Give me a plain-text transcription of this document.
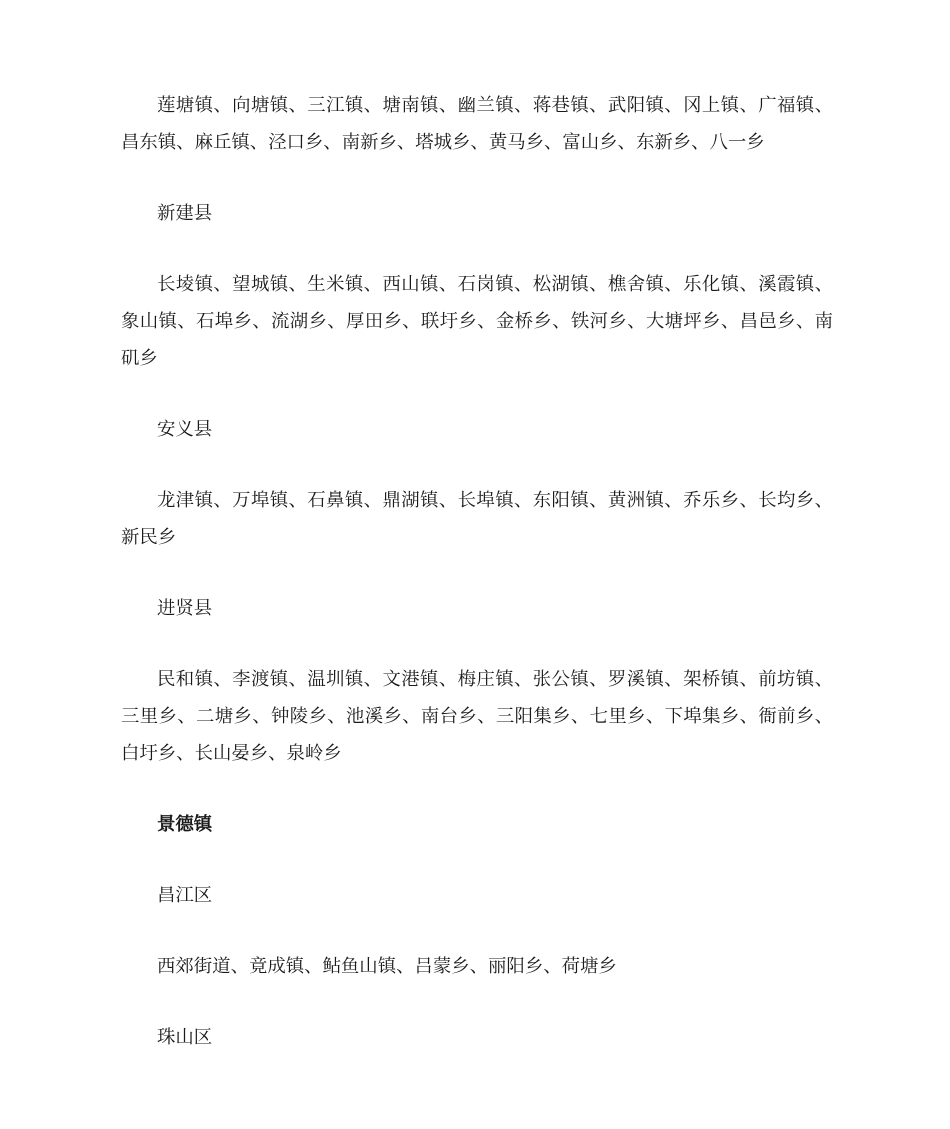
莲塘镇、向塘镇、三江镇、塘南镇、幽兰镇、蒋巷镇、武阳镇、冈上镇、广福镇、昌东镇、麻丘镇、泾口乡、南新乡、塔城乡、黄马乡、富山乡、东新乡、八一乡

新建县

长堎镇、望城镇、生米镇、西山镇、石岗镇、松湖镇、樵舍镇、乐化镇、溪霞镇、象山镇、石埠乡、流湖乡、厚田乡、联圩乡、金桥乡、铁河乡、大塘坪乡、昌邑乡、南矶乡

安义县

龙津镇、万埠镇、石鼻镇、鼎湖镇、长埠镇、东阳镇、黄洲镇、乔乐乡、长均乡、新民乡

进贤县

民和镇、李渡镇、温圳镇、文港镇、梅庄镇、张公镇、罗溪镇、架桥镇、前坊镇、三里乡、二塘乡、钟陵乡、池溪乡、南台乡、三阳集乡、七里乡、下埠集乡、衙前乡、白圩乡、长山晏乡、泉岭乡

景德镇

昌江区

西郊街道、竟成镇、鲇鱼山镇、吕蒙乡、丽阳乡、荷塘乡

珠山区
